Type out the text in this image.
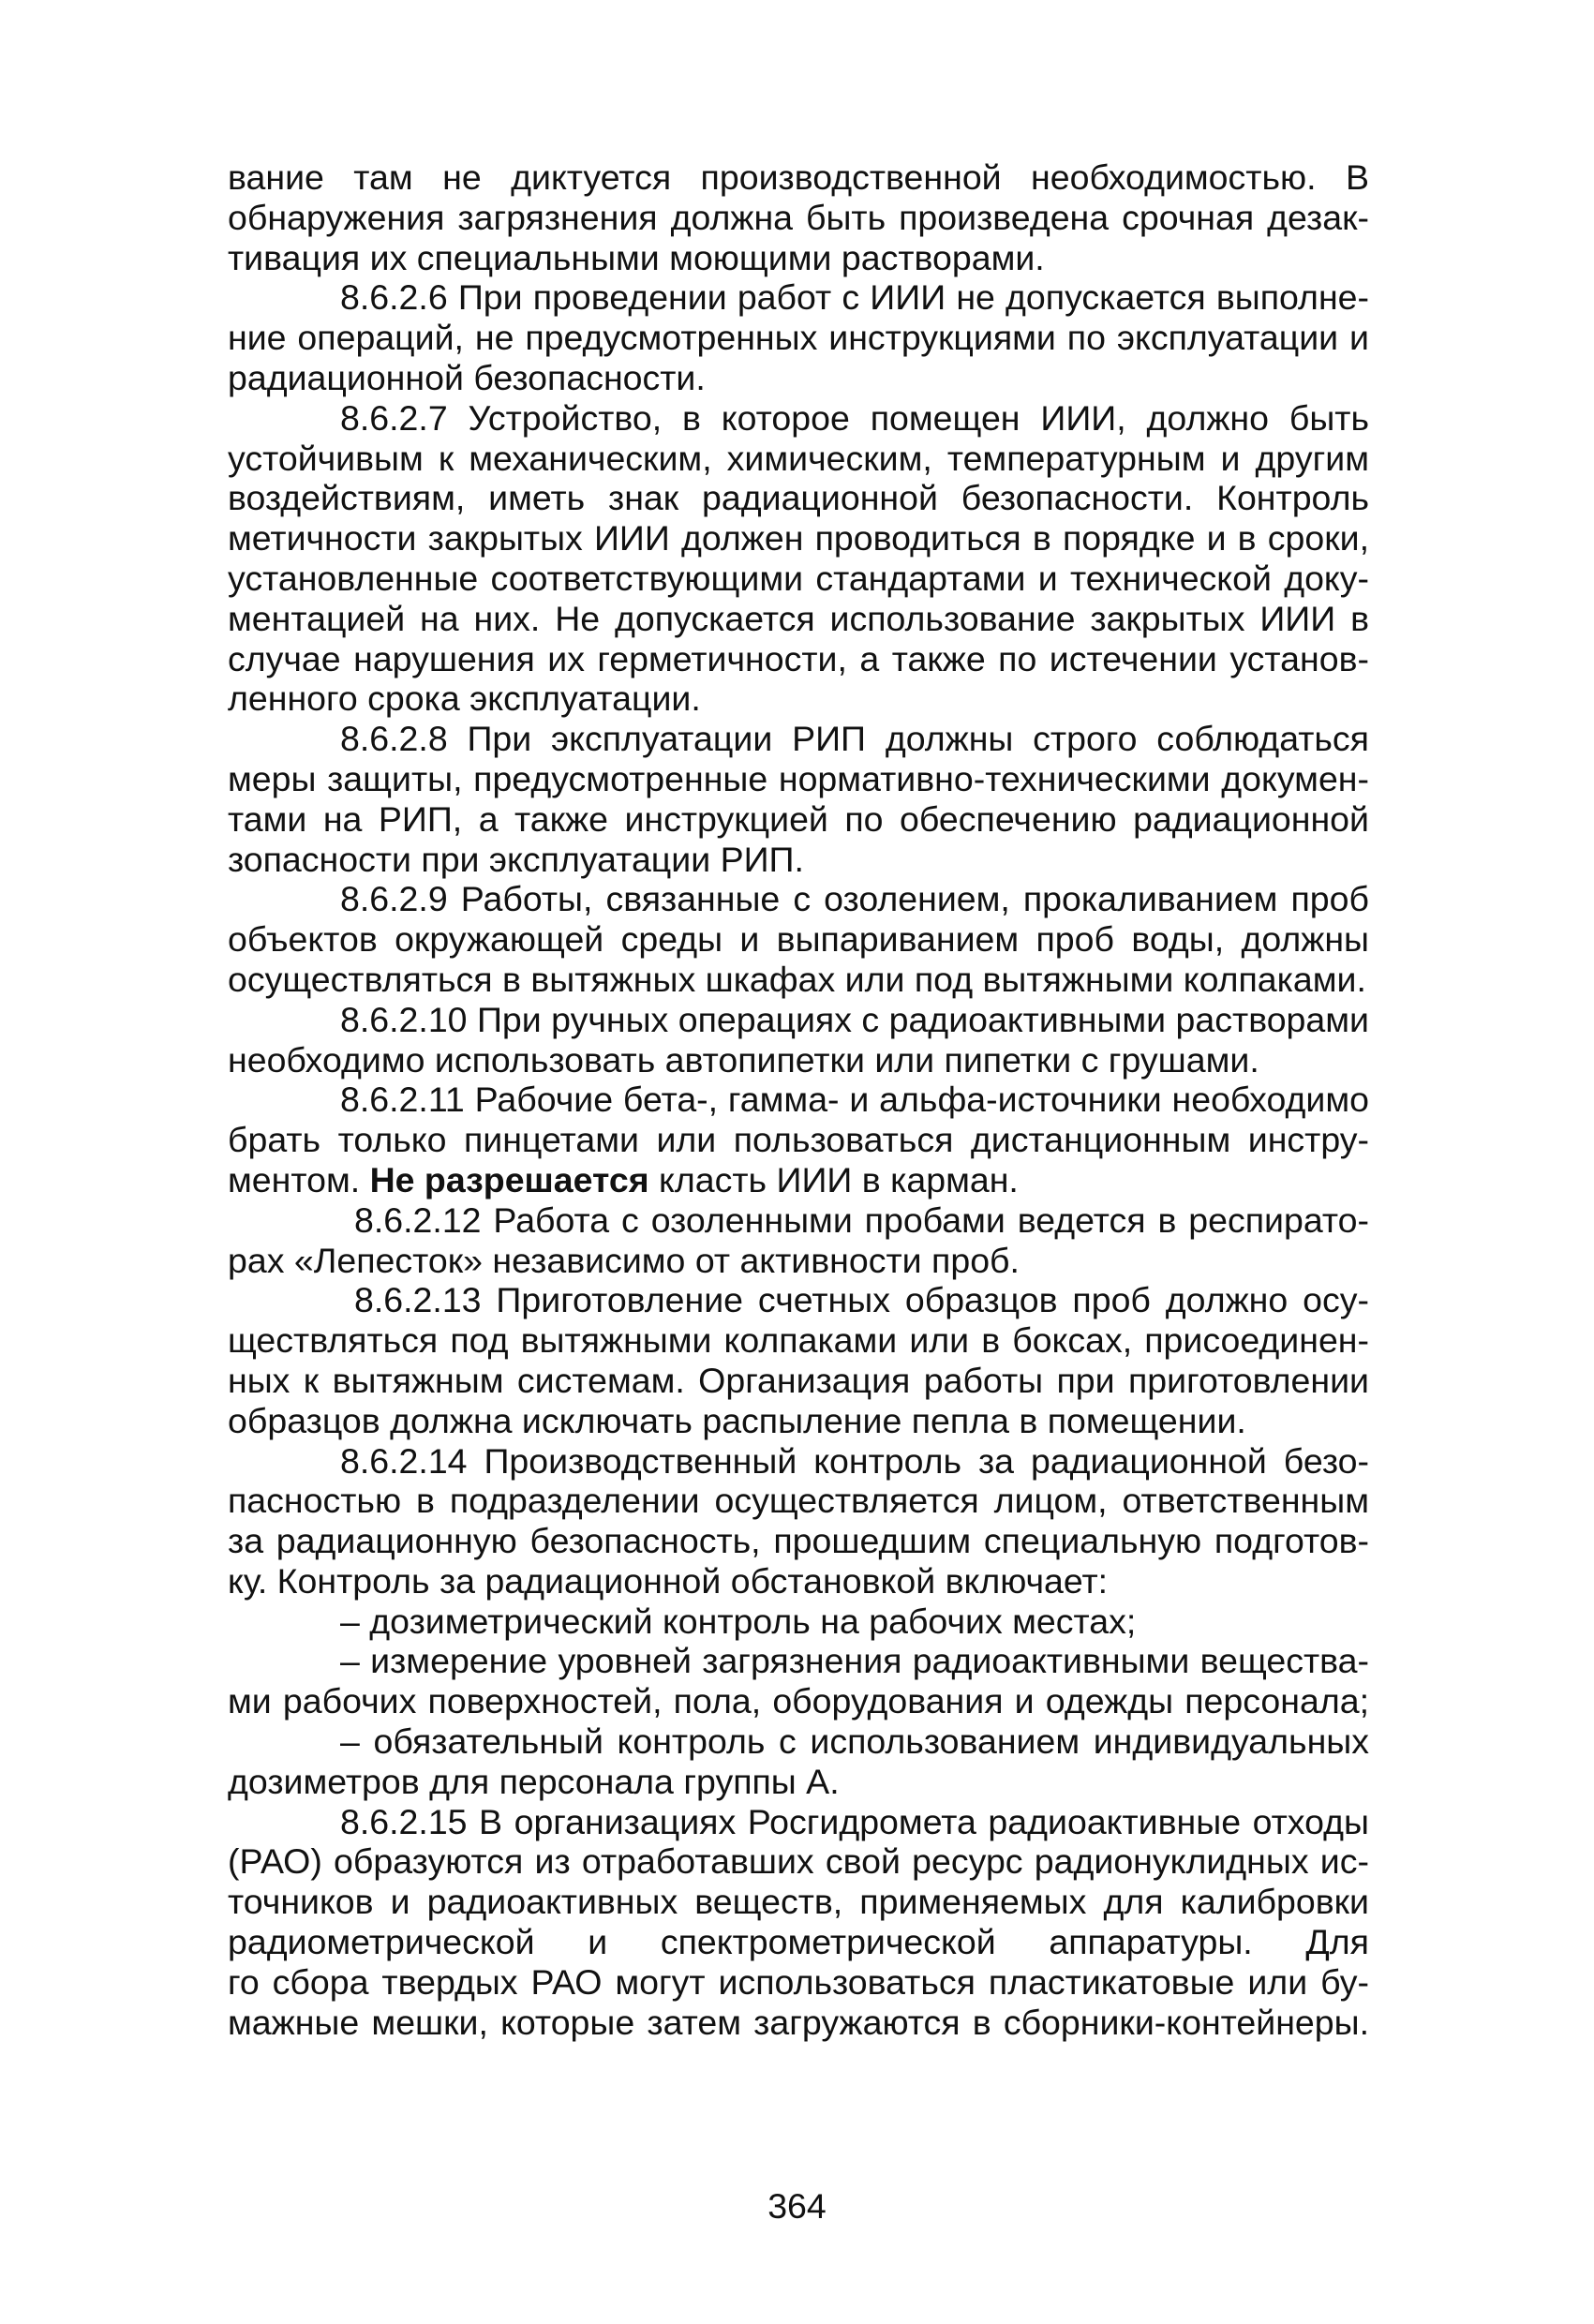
вание там не диктуется производственной необходимостью. В
обнаружения загрязнения должна быть произведена срочная дезак-
тивация их специальными моющими растворами.
8.6.2.6 При проведении работ с ИИИ не допускается выполне-
ние операций, не предусмотренных инструкциями по эксплуатации и
радиационной безопасности.
8.6.2.7 Устройство, в которое помещен ИИИ, должно быть
устойчивым к механическим, химическим, температурным и другим
воздействиям, иметь знак радиационной безопасности. Контроль
метичности закрытых ИИИ должен проводиться в порядке и в сроки,
установленные соответствующими стандартами и технической доку-
ментацией на них. Не допускается использование закрытых ИИИ в
случае нарушения их герметичности, а также по истечении установ-
ленного срока эксплуатации.
8.6.2.8 При эксплуатации РИП должны строго соблюдаться
меры защиты, предусмотренные нормативно-техническими докумен-
тами на РИП, а также инструкцией по обеспечению радиационной
зопасности при эксплуатации РИП.
8.6.2.9 Работы, связанные с озолением, прокаливанием проб
объектов окружающей среды и выпариванием проб воды, должны
осуществляться в вытяжных шкафах или под вытяжными колпаками.
8.6.2.10 При ручных операциях с радиоактивными растворами
необходимо использовать автопипетки или пипетки с грушами.
8.6.2.11 Рабочие бета-, гамма- и альфа-источники необходимо
брать только пинцетами или пользоваться дистанционным инстру-
ментом. Не разрешается класть ИИИ в карман.
8.6.2.12 Работа с озоленными пробами ведется в респирато-
рах «Лепесток» независимо от активности проб.
8.6.2.13 Приготовление счетных образцов проб должно осу-
ществляться под вытяжными колпаками или в боксах, присоединен-
ных к вытяжным системам. Организация работы при приготовлении
образцов должна исключать распыление пепла в помещении.
8.6.2.14 Производственный контроль за радиационной безо-
пасностью в подразделении осуществляется лицом, ответственным
за радиационную безопасность, прошедшим специальную подготов-
ку. Контроль за радиационной обстановкой включает:
– дозиметрический контроль на рабочих местах;
– измерение уровней загрязнения радиоактивными вещества-
ми рабочих поверхностей, пола, оборудования и одежды персонала;
– обязательный контроль с использованием индивидуальных
дозиметров для персонала группы А.
8.6.2.15 В организациях Росгидромета радиоактивные отходы
(РАО) образуются из отработавших свой ресурс радионуклидных ис-
точников и радиоактивных веществ, применяемых для калибровки
радиометрической и спектрометрической аппаратуры. Для
го сбора твердых РАО могут использоваться пластикатовые или бу-
мажные мешки, которые затем загружаются в сборники-контейнеры.
364
